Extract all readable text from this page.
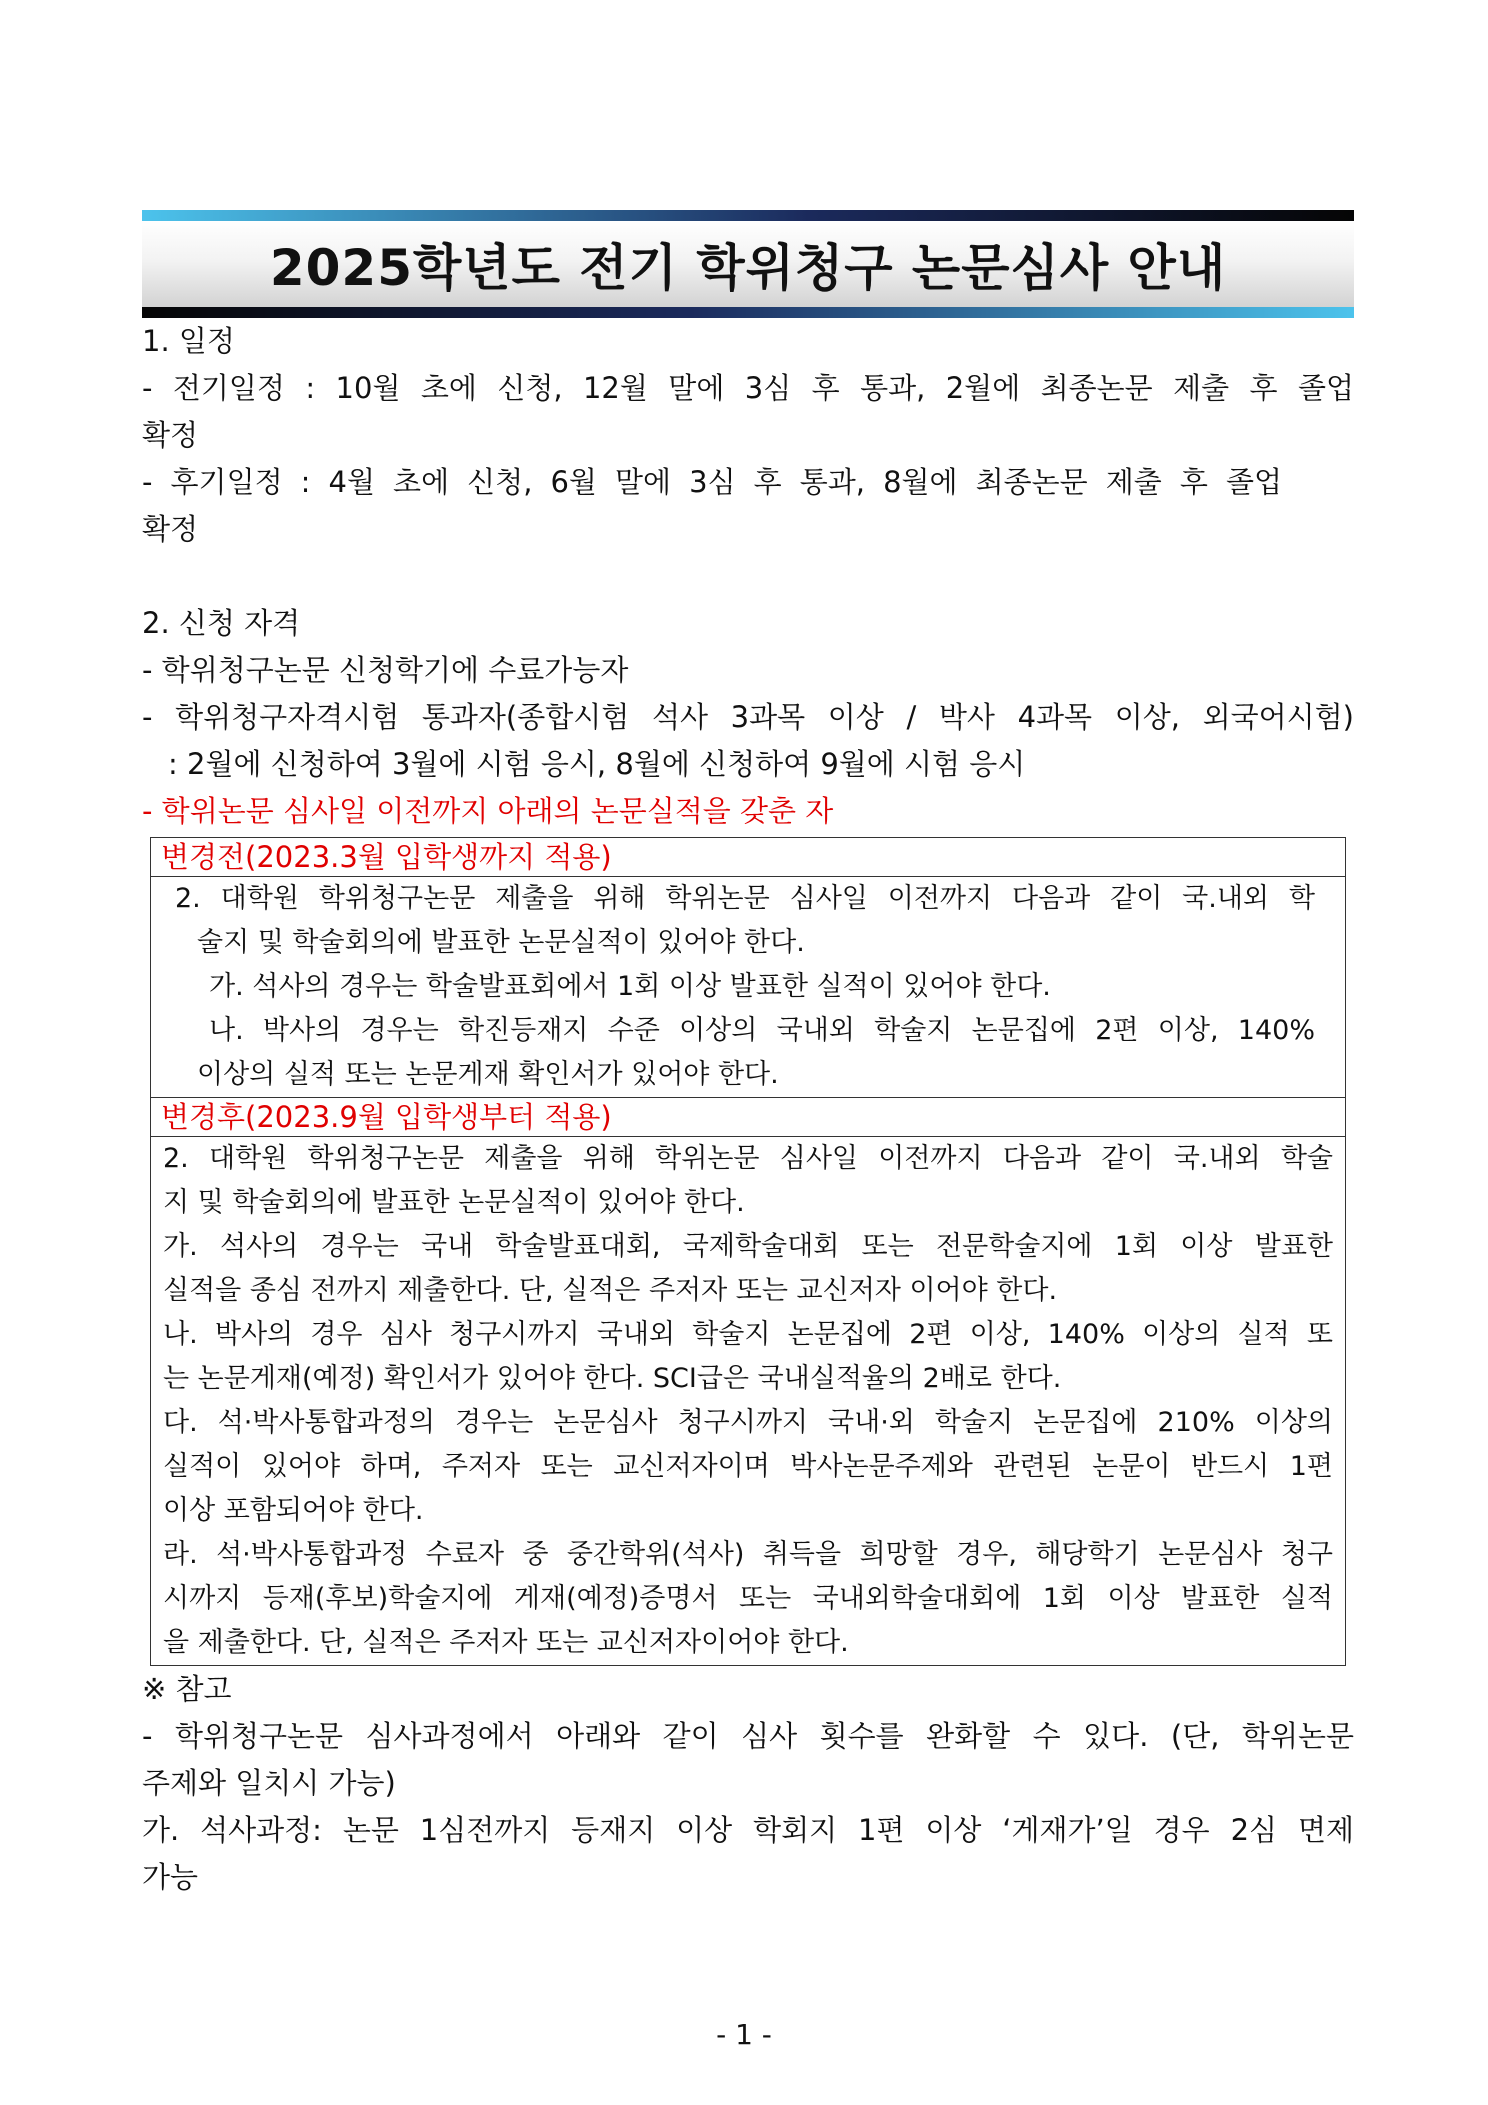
2025학년도 전기 학위청구 논문심사 안내
1. 일정
- 전기일정 : 10월 초에 신청, 12월 말에 3심 후 통과, 2월에 최종논문 제출 후 졸업
확정
- 후기일정 : 4월 초에 신청, 6월 말에 3심 후 통과, 8월에 최종논문 제출 후 졸업
확정
2. 신청 자격
- 학위청구논문 신청학기에 수료가능자
- 학위청구자격시험 통과자(종합시험 석사 3과목 이상 / 박사 4과목 이상, 외국어시험)
: 2월에 신청하여 3월에 시험 응시, 8월에 신청하여 9월에 시험 응시
- 학위논문 심사일 이전까지 아래의 논문실적을 갖춘 자
변경전(2023.3월 입학생까지 적용)
2. 대학원 학위청구논문 제출을 위해 학위논문 심사일 이전까지 다음과 같이 국.내외 학
술지 및 학술회의에 발표한 논문실적이 있어야 한다.
가. 석사의 경우는 학술발표회에서 1회 이상 발표한 실적이 있어야 한다.
나. 박사의 경우는 학진등재지 수준 이상의 국내외 학술지 논문집에 2편 이상, 140%
이상의 실적 또는 논문게재 확인서가 있어야 한다.
변경후(2023.9월 입학생부터 적용)
2. 대학원 학위청구논문 제출을 위해 학위논문 심사일 이전까지 다음과 같이 국.내외 학술
지 및 학술회의에 발표한 논문실적이 있어야 한다.
가. 석사의 경우는 국내 학술발표대회, 국제학술대회 또는 전문학술지에 1회 이상 발표한
실적을 종심 전까지 제출한다. 단, 실적은 주저자 또는 교신저자 이어야 한다.
나. 박사의 경우 심사 청구시까지 국내외 학술지 논문집에 2편 이상, 140% 이상의 실적 또
는 논문게재(예정) 확인서가 있어야 한다. SCI급은 국내실적율의 2배로 한다.
다. 석·박사통합과정의 경우는 논문심사 청구시까지 국내·외 학술지 논문집에 210% 이상의
실적이 있어야 하며, 주저자 또는 교신저자이며 박사논문주제와 관련된 논문이 반드시 1편
이상 포함되어야 한다.
라. 석·박사통합과정 수료자 중 중간학위(석사) 취득을 희망할 경우, 해당학기 논문심사 청구
시까지 등재(후보)학술지에 게재(예정)증명서 또는 국내외학술대회에 1회 이상 발표한 실적
을 제출한다. 단, 실적은 주저자 또는 교신저자이어야 한다.
※ 참고
- 학위청구논문 심사과정에서 아래와 같이 심사 횟수를 완화할 수 있다. (단, 학위논문
주제와 일치시 가능)
가. 석사과정: 논문 1심전까지 등재지 이상 학회지 1편 이상 ‘게재가’일 경우 2심 면제
가능
- 1 -
